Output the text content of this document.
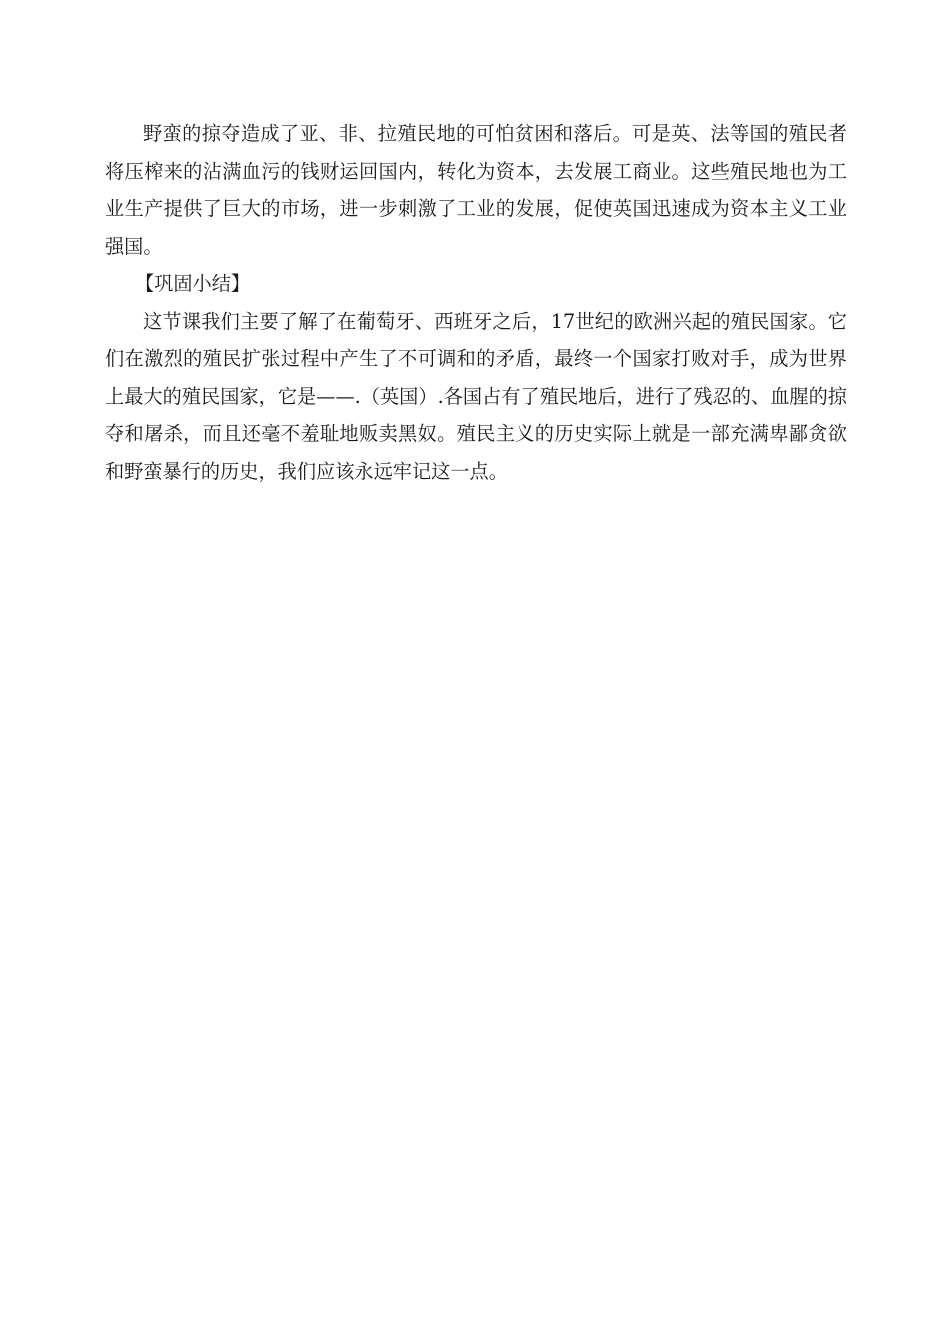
野蛮的掠夺造成了亚、非、拉殖民地的可怕贫困和落后。可是英、法等国的殖民者将压榨来的沾满血污的钱财运回国内，转化为资本，去发展工商业。这些殖民地也为工业生产提供了巨大的市场，进一步刺激了工业的发展，促使英国迅速成为资本主义工业强国。

【巩固小结】

这节课我们主要了解了在葡萄牙、西班牙之后，17世纪的欧洲兴起的殖民国家。它们在激烈的殖民扩张过程中产生了不可调和的矛盾，最终一个国家打败对手，成为世界上最大的殖民国家，它是——.（英国）.各国占有了殖民地后，进行了残忍的、血腥的掠夺和屠杀，而且还毫不羞耻地贩卖黑奴。殖民主义的历史实际上就是一部充满卑鄙贪欲和野蛮暴行的历史，我们应该永远牢记这一点。
